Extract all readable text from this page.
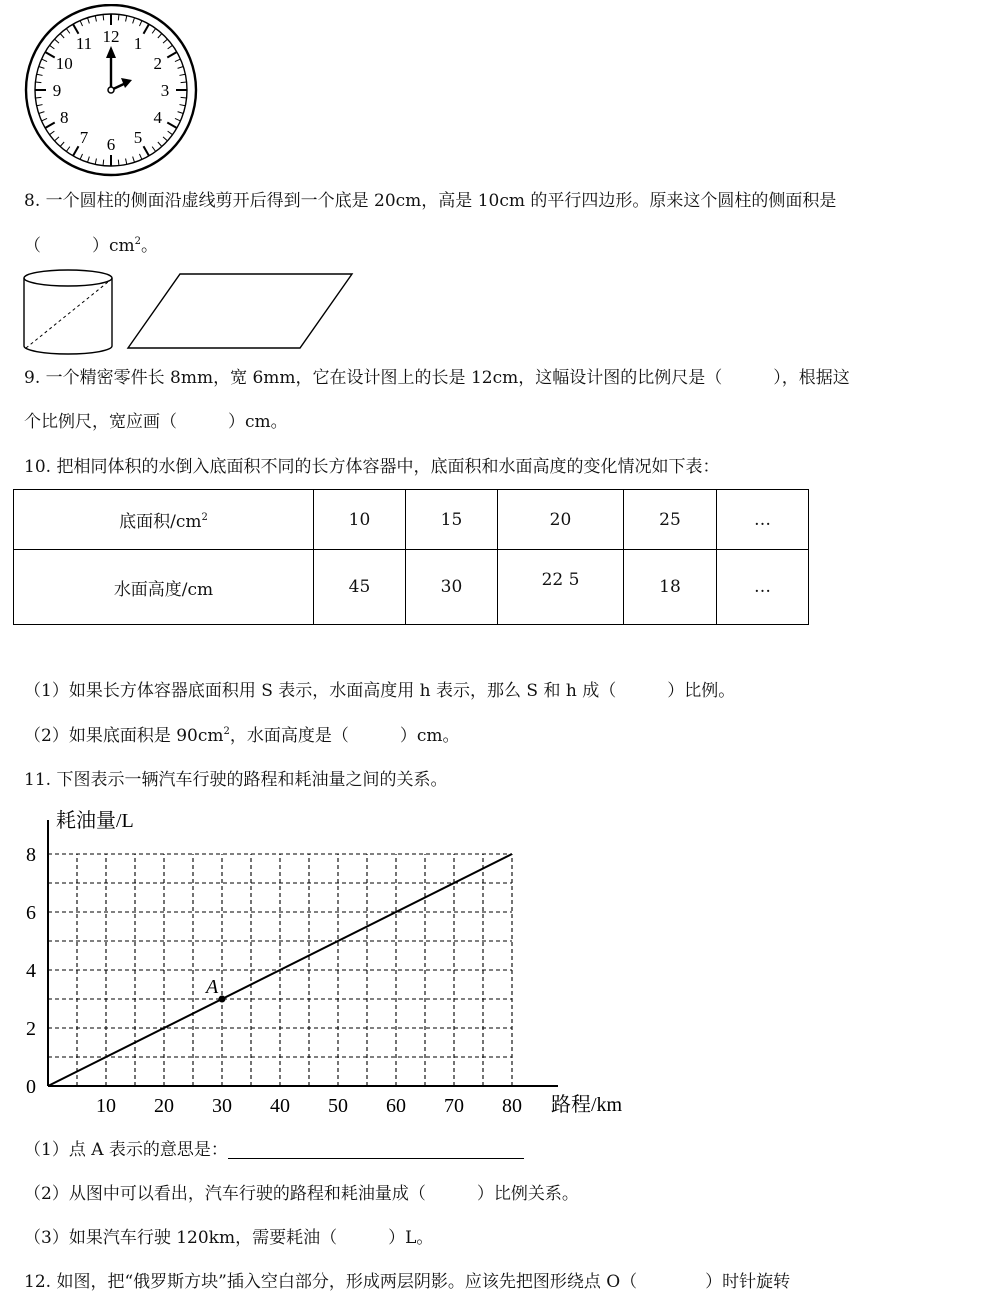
12 1
2
3
4
5
6
7
8
9
10
11
8. 一个圆柱的侧面沿虚线剪开后得到一个底是 20cm，高是 10cm 的平行四边形。原来这个圆柱的侧面积是
（　　　）$cm^2$。
9. 一个精密零件长 8mm，宽 6mm，它在设计图上的长是 12cm，这幅设计图的比例尺是（　　　），根据这
个比例尺，宽应画（　　　）cm。
10. 把相同体积的水倒入底面积不同的长方体容器中，底面积和水面高度的变化情况如下表：
底面积$/cm^2$	10	15	20	25	…
水面高度/cm	45	30	22 5	18	…
（1）如果长方体容器底面积用 S 表示，水面高度用 h 表示，那么 S 和 h 成（　　　）比例。
（2）如果底面积是 $90cm^2$，水面高度是（　　　）cm。
11. 下图表示一辆汽车行驶的路程和耗油量之间的关系。
10 20 30 40 50 60 70 80
0
2
4
6
8
A
耗油量/L
路程/km
（1）点 A 表示的意思是：
（2）从图中可以看出，汽车行驶的路程和耗油量成（　　　）比例关系。
（3）如果汽车行驶 120km，需要耗油（　　　）L。
12. 如图，把“俄罗斯方块”插入空白部分，形成两层阴影。应该先把图形绕点 O（　　　　）时针旋转
